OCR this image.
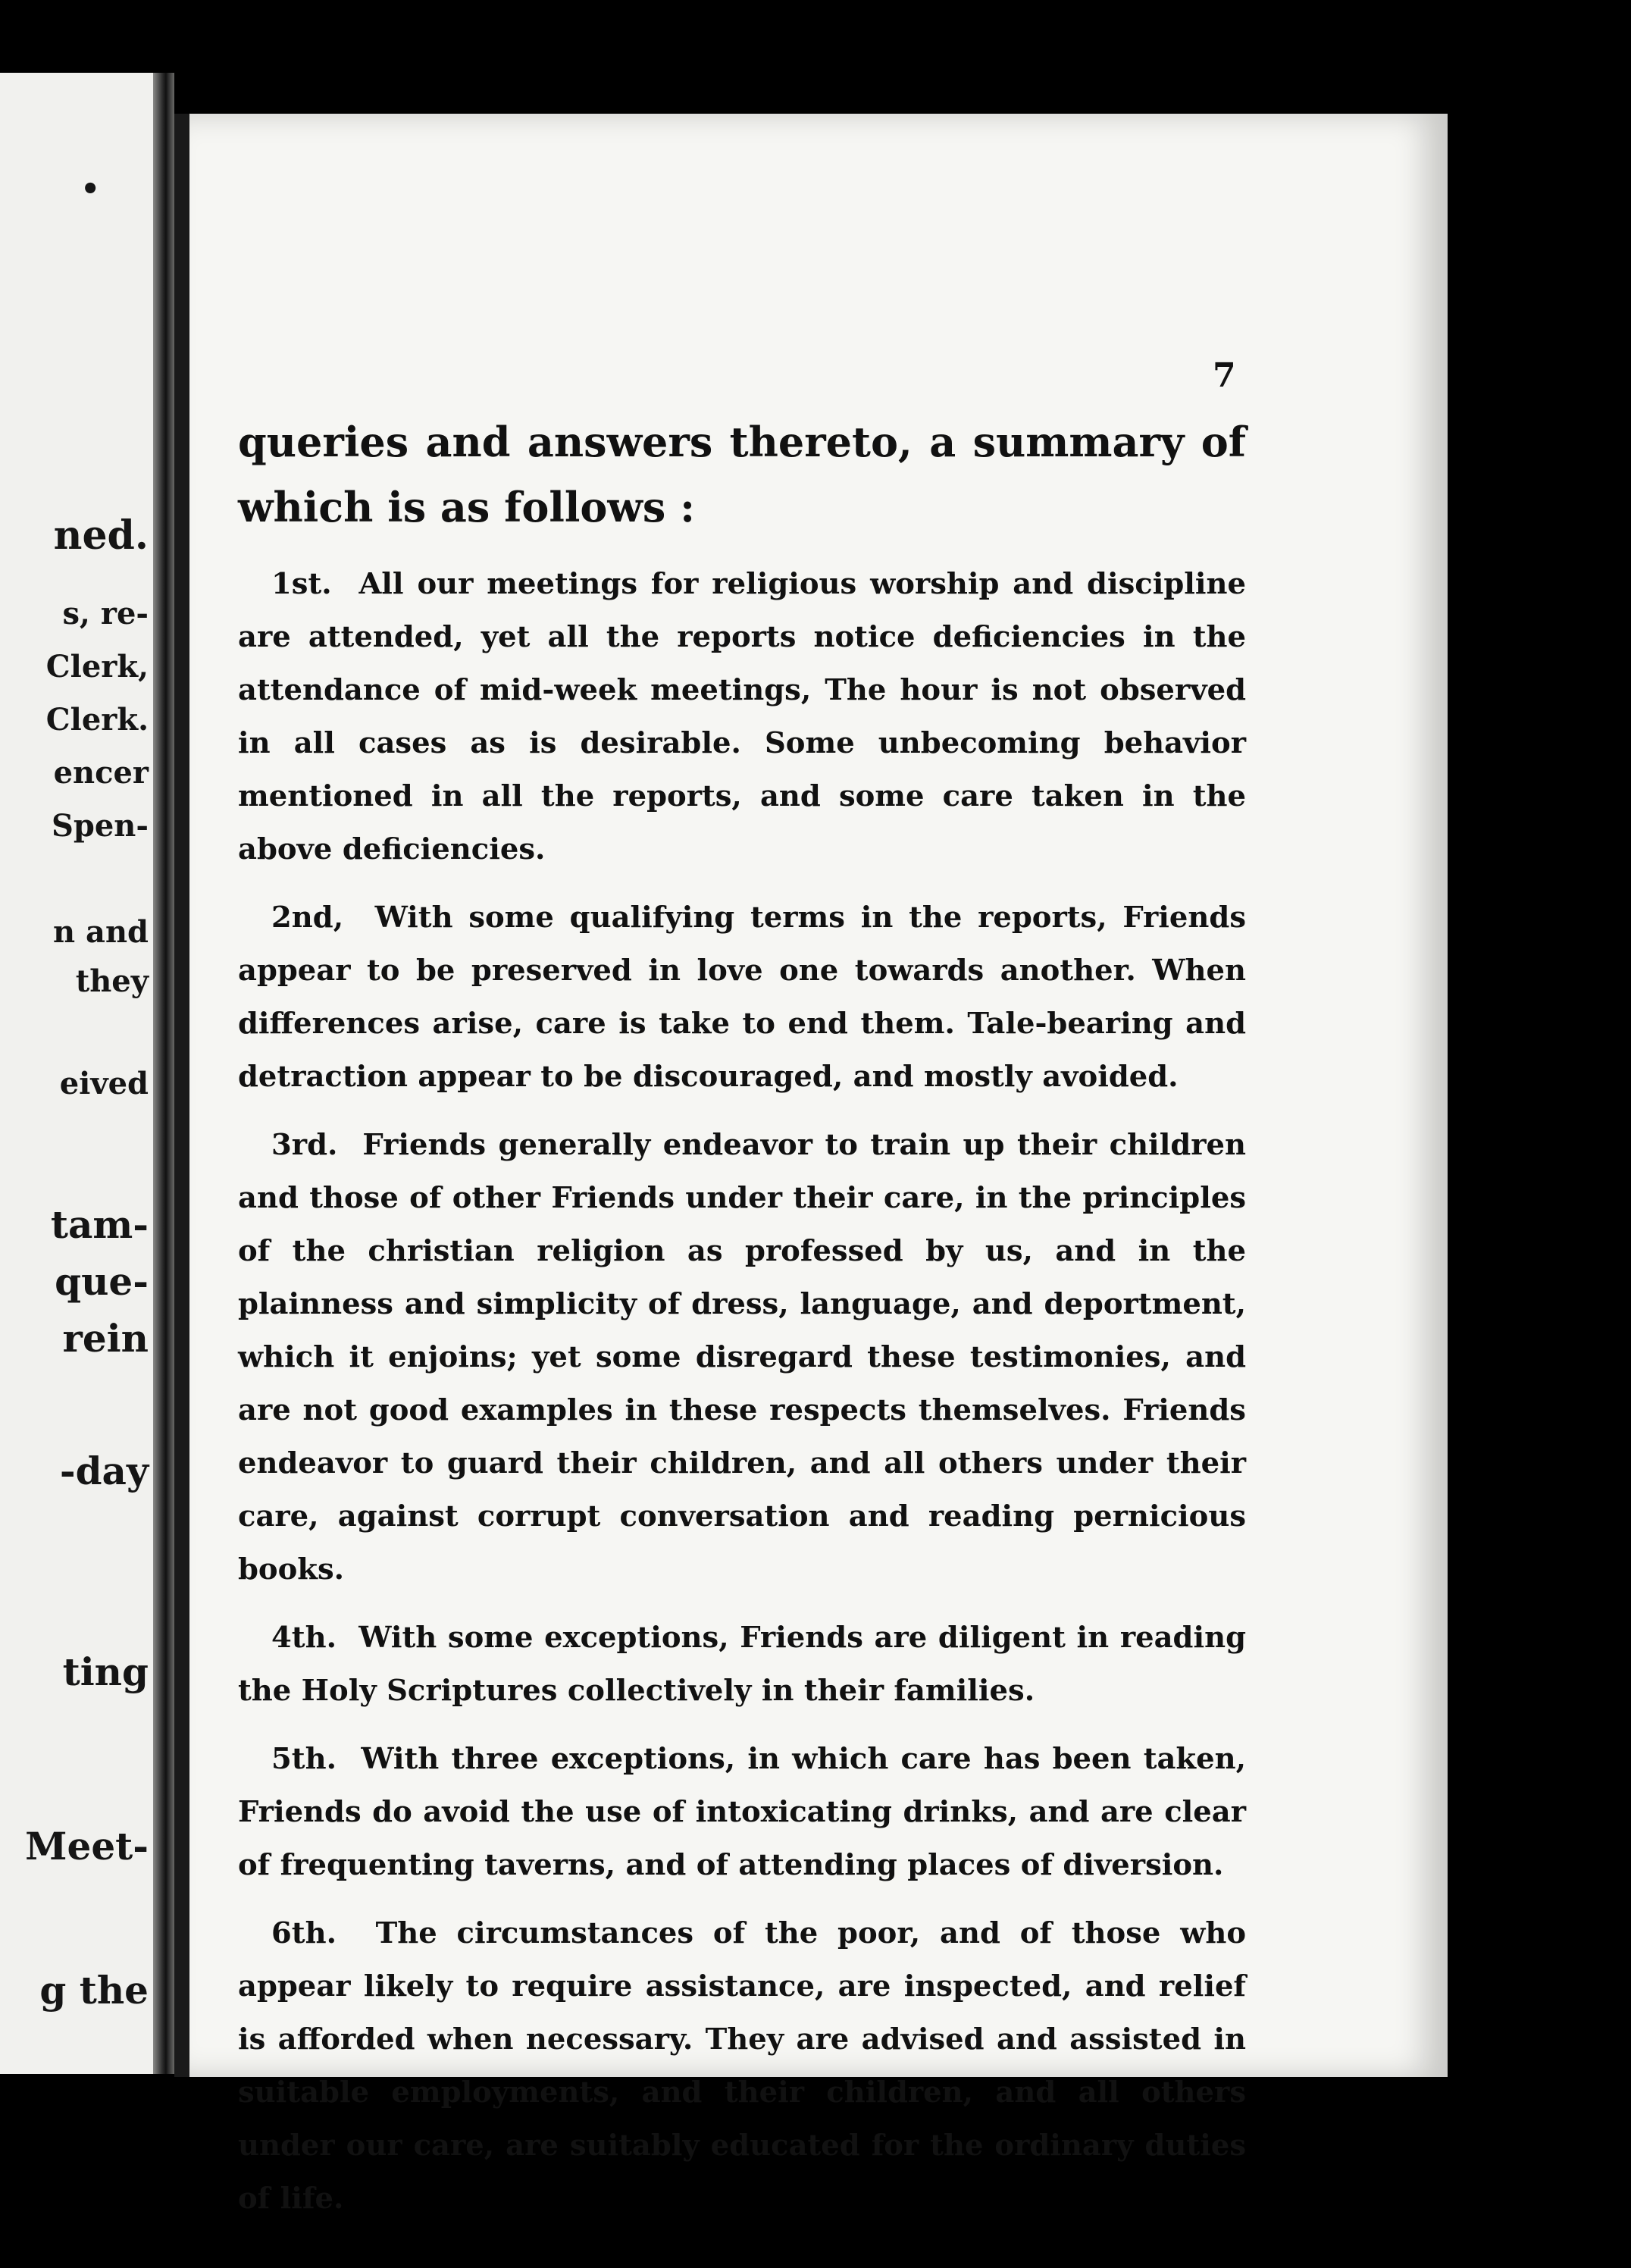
•
ned.
s, re-
Clerk,
Clerk.
encer
Spen-
n and
they
eived
tam-
que-
rein
-day
ting
Meet-
g the
7

queries and answers thereto, a summary of which is as follows :

1st. All our meetings for religious worship and discipline are attended, yet all the reports notice deficiencies in the attendance of mid-week meetings, The hour is not observed in all cases as is desirable. Some unbecoming behavior mentioned in all the reports, and some care taken in the above deficiencies.

2nd, With some qualifying terms in the reports, Friends appear to be preserved in love one towards another. When differences arise, care is take to end them. Tale-bearing and detraction appear to be discouraged, and mostly avoided.

3rd. Friends generally endeavor to train up their children and those of other Friends under their care, in the principles of the christian religion as professed by us, and in the plainness and simplicity of dress, language, and deportment, which it enjoins; yet some disregard these testimonies, and are not good examples in these respects themselves. Friends endeavor to guard their children, and all others under their care, against corrupt conversation and reading pernicious books.

4th. With some exceptions, Friends are diligent in reading the Holy Scriptures collectively in their families.

5th. With three exceptions, in which care has been taken, Friends do avoid the use of intoxicating drinks, and are clear of frequenting taverns, and of attending places of diversion.

6th. The circumstances of the poor, and of those who appear likely to require assistance, are inspected, and relief is afforded when necessary. They are advised and assisted in suitable employments, and their children, and all others under our care, are suitably educated for the ordinary duties of life.
